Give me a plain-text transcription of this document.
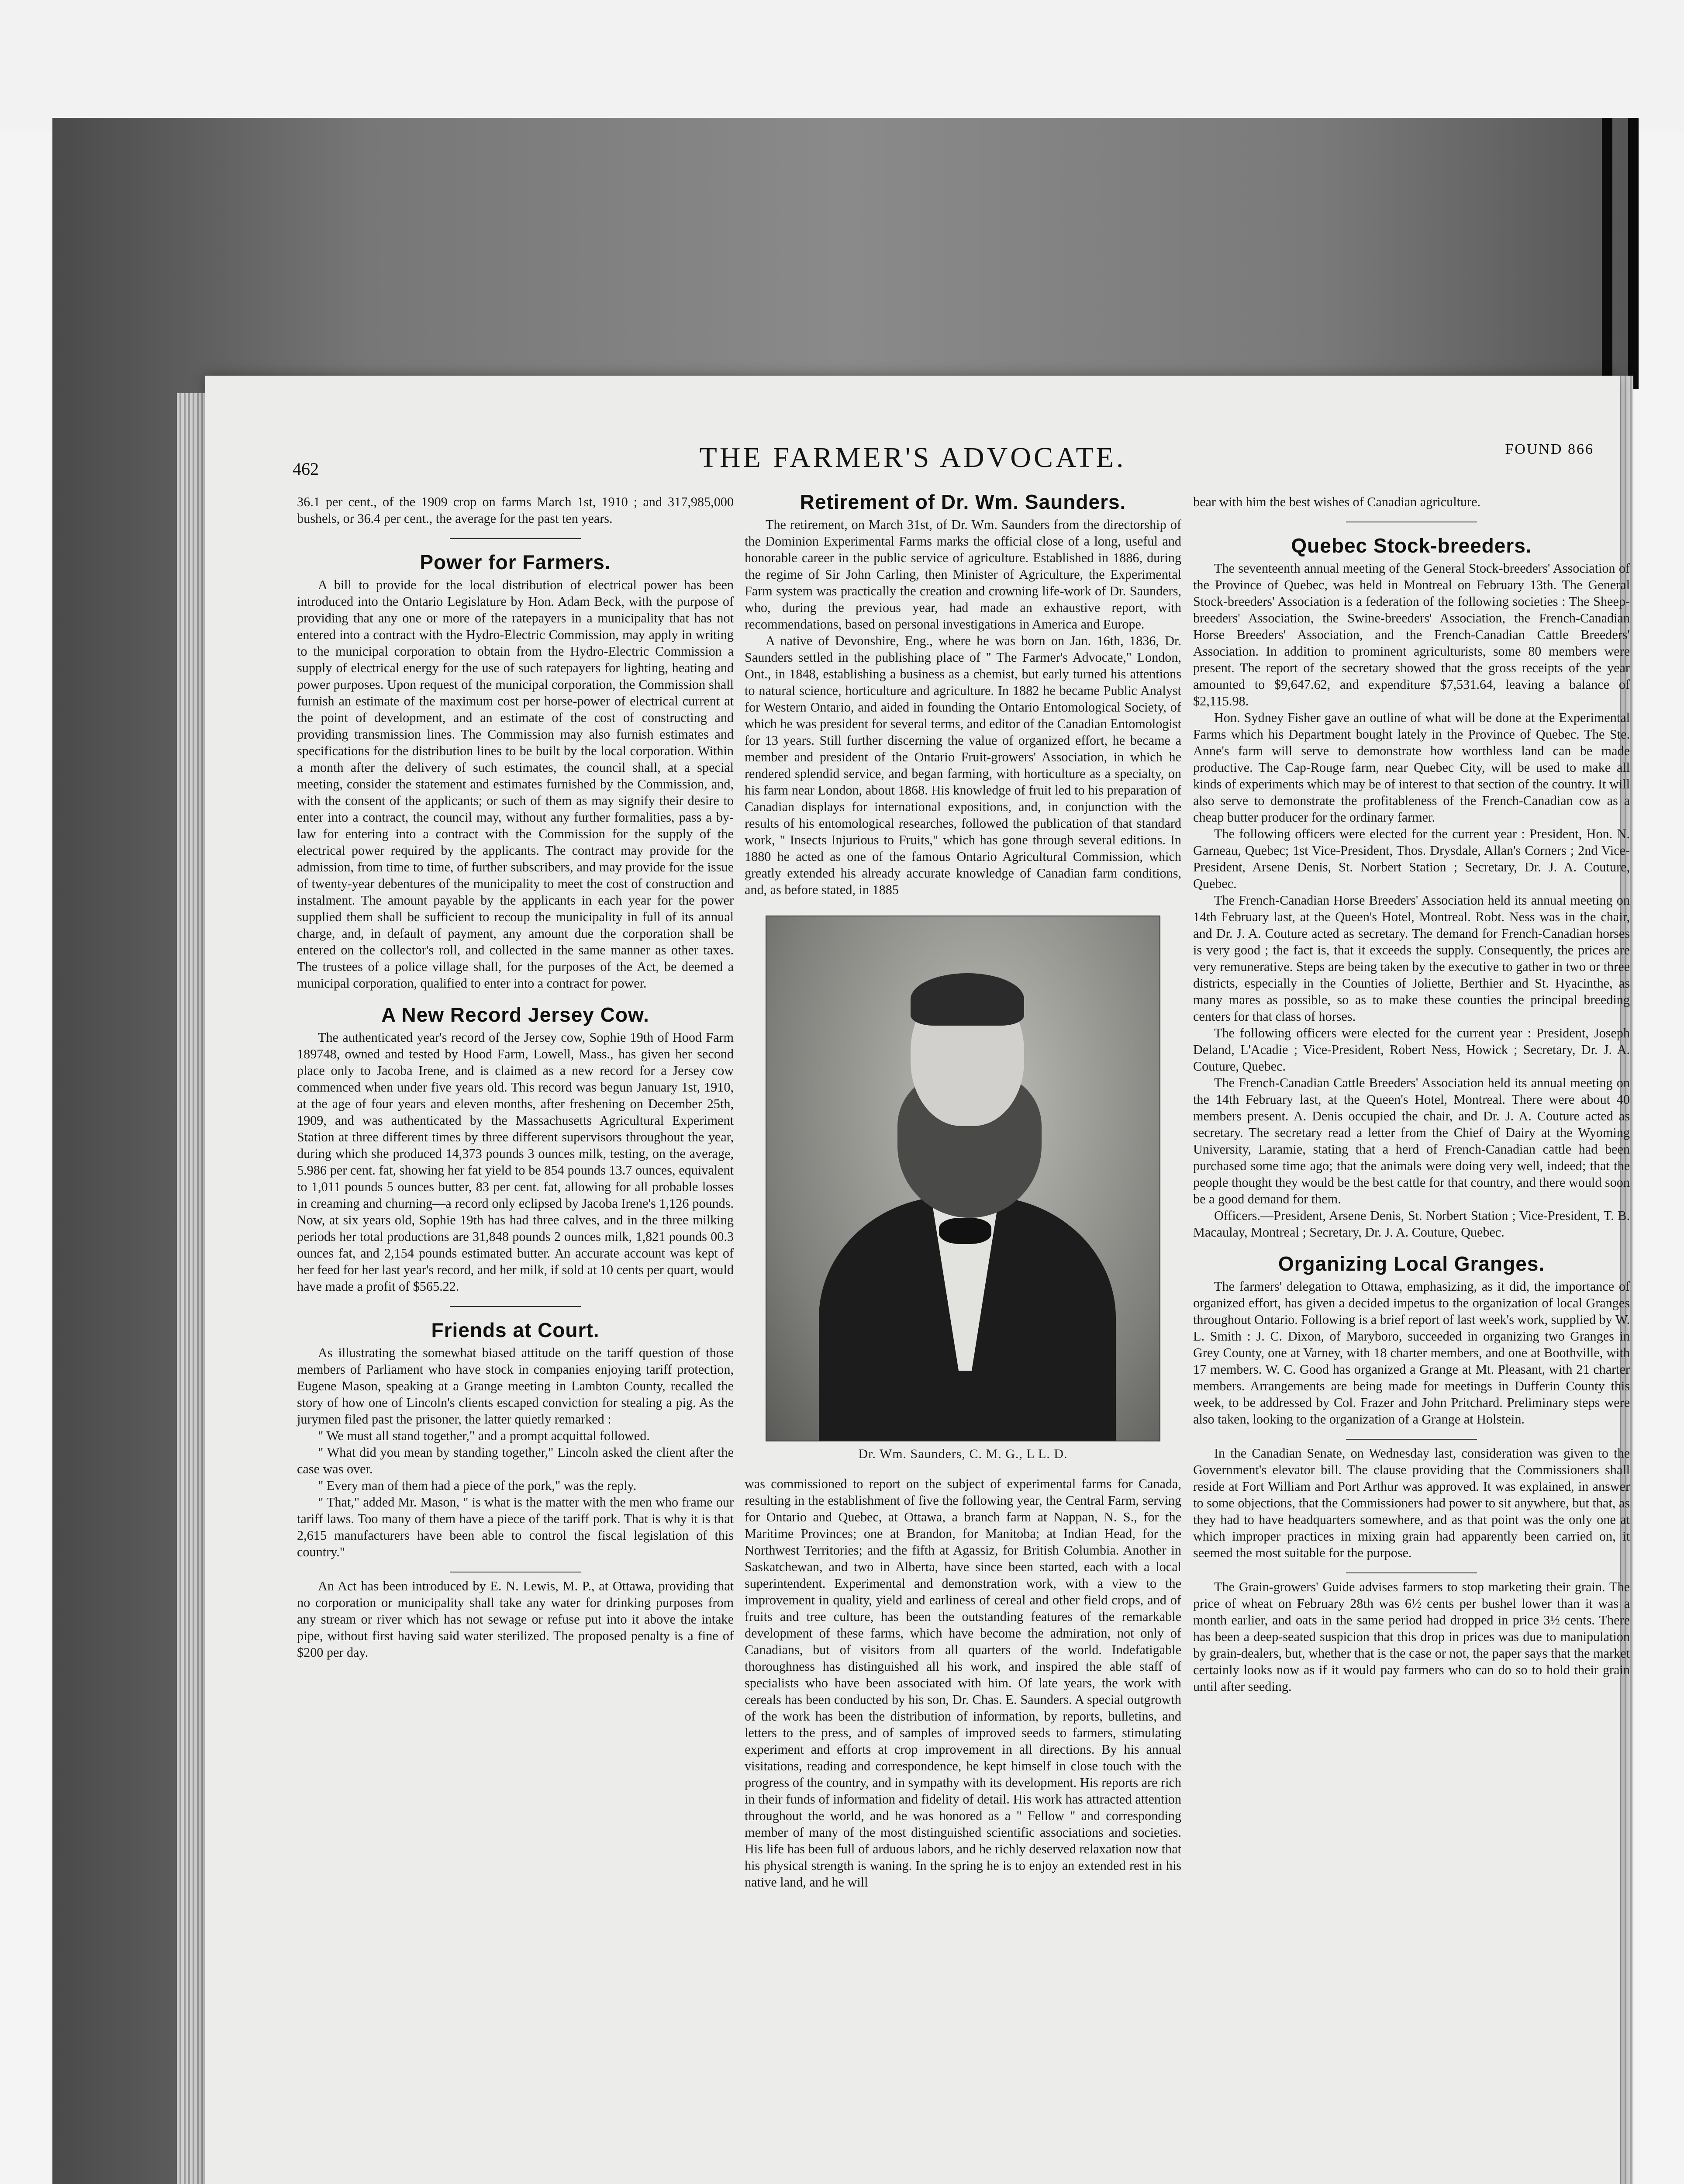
462	THE FARMER'S ADVOCATE.	FOUND 866

36.1 per cent., of the 1909 crop on farms March 1st, 1910 ; and 317,985,000 bushels, or 36.4 per cent., the average for the past ten years.

Power for Farmers.

A bill to provide for the local distribution of electrical power has been introduced into the Ontario Legislature by Hon. Adam Beck, with the purpose of providing that any one or more of the ratepayers in a municipality that has not entered into a contract with the Hydro-Electric Commission, may apply in writing to the municipal corporation to obtain from the Hydro-Electric Commission a supply of electrical energy for the use of such ratepayers for lighting, heating and power purposes. Upon request of the municipal corporation, the Commission shall furnish an estimate of the maximum cost per horse-power of electrical current at the point of development, and an estimate of the cost of constructing and providing transmission lines. The Commission may also furnish estimates and specifications for the distribution lines to be built by the local corporation. Within a month after the delivery of such estimates, the council shall, at a special meeting, consider the statement and estimates furnished by the Commission, and, with the consent of the applicants; or such of them as may signify their desire to enter into a contract, the council may, without any further formalities, pass a by-law for entering into a contract with the Commission for the supply of the electrical power required by the applicants. The contract may provide for the admission, from time to time, of further subscribers, and may provide for the issue of twenty-year debentures of the municipality to meet the cost of construction and instalment. The amount payable by the applicants in each year for the power supplied them shall be sufficient to recoup the municipality in full of its annual charge, and, in default of payment, any amount due the corporation shall be entered on the collector's roll, and collected in the same manner as other taxes. The trustees of a police village shall, for the purposes of the Act, be deemed a municipal corporation, qualified to enter into a contract for power.

A New Record Jersey Cow.

The authenticated year's record of the Jersey cow, Sophie 19th of Hood Farm 189748, owned and tested by Hood Farm, Lowell, Mass., has given her second place only to Jacoba Irene, and is claimed as a new record for a Jersey cow commenced when under five years old. This record was begun January 1st, 1910, at the age of four years and eleven months, after freshening on December 25th, 1909, and was authenticated by the Massachusetts Agricultural Experiment Station at three different times by three different supervisors throughout the year, during which she produced 14,373 pounds 3 ounces milk, testing, on the average, 5.986 per cent. fat, showing her fat yield to be 854 pounds 13.7 ounces, equivalent to 1,011 pounds 5 ounces butter, 83 per cent. fat, allowing for all probable losses in creaming and churning—a record only eclipsed by Jacoba Irene's 1,126 pounds. Now, at six years old, Sophie 19th has had three calves, and in the three milking periods her total productions are 31,848 pounds 2 ounces milk, 1,821 pounds 00.3 ounces fat, and 2,154 pounds estimated butter. An accurate account was kept of her feed for her last year's record, and her milk, if sold at 10 cents per quart, would have made a profit of $565.22.

Friends at Court.

As illustrating the somewhat biased attitude on the tariff question of those members of Parliament who have stock in companies enjoying tariff protection, Eugene Mason, speaking at a Grange meeting in Lambton County, recalled the story of how one of Lincoln's clients escaped conviction for stealing a pig. As the jurymen filed past the prisoner, the latter quietly remarked :

" We must all stand together," and a prompt acquittal followed.

" What did you mean by standing together," Lincoln asked the client after the case was over.

" Every man of them had a piece of the pork," was the reply.

" That," added Mr. Mason, " is what is the matter with the men who frame our tariff laws. Too many of them have a piece of the tariff pork. That is why it is that 2,615 manufacturers have been able to control the fiscal legislation of this country."

An Act has been introduced by E. N. Lewis, M. P., at Ottawa, providing that no corporation or municipality shall take any water for drinking purposes from any stream or river which has not sewage or refuse put into it above the intake pipe, without first having said water sterilized. The proposed penalty is a fine of $200 per day.

Retirement of Dr. Wm. Saunders.

The retirement, on March 31st, of Dr. Wm. Saunders from the directorship of the Dominion Experimental Farms marks the official close of a long, useful and honorable career in the public service of agriculture. Established in 1886, during the regime of Sir John Carling, then Minister of Agriculture, the Experimental Farm system was practically the creation and crowning life-work of Dr. Saunders, who, during the previous year, had made an exhaustive report, with recommendations, based on personal investigations in America and Europe.

A native of Devonshire, Eng., where he was born on Jan. 16th, 1836, Dr. Saunders settled in the publishing place of " The Farmer's Advocate," London, Ont., in 1848, establishing a business as a chemist, but early turned his attentions to natural science, horticulture and agriculture. In 1882 he became Public Analyst for Western Ontario, and aided in founding the Ontario Entomological Society, of which he was president for several terms, and editor of the Canadian Entomologist for 13 years. Still further discerning the value of organized effort, he became a member and president of the Ontario Fruit-growers' Association, in which he rendered splendid service, and began farming, with horticulture as a specialty, on his farm near London, about 1868. His knowledge of fruit led to his preparation of Canadian displays for international expositions, and, in conjunction with the results of his entomological researches, followed the publication of that standard work, " Insects Injurious to Fruits," which has gone through several editions. In 1880 he acted as one of the famous Ontario Agricultural Commission, which greatly extended his already accurate knowledge of Canadian farm conditions, and, as before stated, in 1885

Dr. Wm. Saunders, C. M. G., L L. D.

was commissioned to report on the subject of experimental farms for Canada, resulting in the establishment of five the following year, the Central Farm, serving for Ontario and Quebec, at Ottawa, a branch farm at Nappan, N. S., for the Maritime Provinces; one at Brandon, for Manitoba; at Indian Head, for the Northwest Territories; and the fifth at Agassiz, for British Columbia. Another in Saskatchewan, and two in Alberta, have since been started, each with a local superintendent. Experimental and demonstration work, with a view to the improvement in quality, yield and earliness of cereal and other field crops, and of fruits and tree culture, has been the outstanding features of the remarkable development of these farms, which have become the admiration, not only of Canadians, but of visitors from all quarters of the world. Indefatigable thoroughness has distinguished all his work, and inspired the able staff of specialists who have been associated with him. Of late years, the work with cereals has been conducted by his son, Dr. Chas. E. Saunders. A special outgrowth of the work has been the distribution of information, by reports, bulletins, and letters to the press, and of samples of improved seeds to farmers, stimulating experiment and efforts at crop improvement in all directions. By his annual visitations, reading and correspondence, he kept himself in close touch with the progress of the country, and in sympathy with its development. His reports are rich in their funds of information and fidelity of detail. His work has attracted attention throughout the world, and he was honored as a " Fellow " and corresponding member of many of the most distinguished scientific associations and societies. His life has been full of arduous labors, and he richly deserved relaxation now that his physical strength is waning. In the spring he is to enjoy an extended rest in his native land, and he will

bear with him the best wishes of Canadian agriculture.

Quebec Stock-breeders.

The seventeenth annual meeting of the General Stock-breeders' Association of the Province of Quebec, was held in Montreal on February 13th. The General Stock-breeders' Association is a federation of the following societies : The Sheep-breeders' Association, the Swine-breeders' Association, the French-Canadian Horse Breeders' Association, and the French-Canadian Cattle Breeders' Association. In addition to prominent agriculturists, some 80 members were present. The report of the secretary showed that the gross receipts of the year amounted to $9,647.62, and expenditure $7,531.64, leaving a balance of $2,115.98.

Hon. Sydney Fisher gave an outline of what will be done at the Experimental Farms which his Department bought lately in the Province of Quebec. The Ste. Anne's farm will serve to demonstrate how worthless land can be made productive. The Cap-Rouge farm, near Quebec City, will be used to make all kinds of experiments which may be of interest to that section of the country. It will also serve to demonstrate the profitableness of the French-Canadian cow as a cheap butter producer for the ordinary farmer.

The following officers were elected for the current year : President, Hon. N. Garneau, Quebec; 1st Vice-President, Thos. Drysdale, Allan's Corners ; 2nd Vice-President, Arsene Denis, St. Norbert Station ; Secretary, Dr. J. A. Couture, Quebec.

The French-Canadian Horse Breeders' Association held its annual meeting on 14th February last, at the Queen's Hotel, Montreal. Robt. Ness was in the chair, and Dr. J. A. Couture acted as secretary. The demand for French-Canadian horses is very good ; the fact is, that it exceeds the supply. Consequently, the prices are very remunerative. Steps are being taken by the executive to gather in two or three districts, especially in the Counties of Joliette, Berthier and St. Hyacinthe, as many mares as possible, so as to make these counties the principal breeding centers for that class of horses.

The following officers were elected for the current year : President, Joseph Deland, L'Acadie ; Vice-President, Robert Ness, Howick ; Secretary, Dr. J. A. Couture, Quebec.

The French-Canadian Cattle Breeders' Association held its annual meeting on the 14th February last, at the Queen's Hotel, Montreal. There were about 40 members present. A. Denis occupied the chair, and Dr. J. A. Couture acted as secretary. The secretary read a letter from the Chief of Dairy at the Wyoming University, Laramie, stating that a herd of French-Canadian cattle had been purchased some time ago; that the animals were doing very well, indeed; that the people thought they would be the best cattle for that country, and there would soon be a good demand for them.

Officers.—President, Arsene Denis, St. Norbert Station ; Vice-President, T. B. Macaulay, Montreal ; Secretary, Dr. J. A. Couture, Quebec.

Organizing Local Granges.

The farmers' delegation to Ottawa, emphasizing, as it did, the importance of organized effort, has given a decided impetus to the organization of local Granges throughout Ontario. Following is a brief report of last week's work, supplied by W. L. Smith : J. C. Dixon, of Maryboro, succeeded in organizing two Granges in Grey County, one at Varney, with 18 charter members, and one at Boothville, with 17 members. W. C. Good has organized a Grange at Mt. Pleasant, with 21 charter members. Arrangements are being made for meetings in Dufferin County this week, to be addressed by Col. Frazer and John Pritchard. Preliminary steps were also taken, looking to the organization of a Grange at Holstein.

In the Canadian Senate, on Wednesday last, consideration was given to the Government's elevator bill. The clause providing that the Commissioners shall reside at Fort William and Port Arthur was approved. It was explained, in answer to some objections, that the Commissioners had power to sit anywhere, but that, as they had to have headquarters somewhere, and as that point was the only one at which improper practices in mixing grain had apparently been carried on, it seemed the most suitable for the purpose.

The Grain-growers' Guide advises farmers to stop marketing their grain. The price of wheat on February 28th was 6½ cents per bushel lower than it was a month earlier, and oats in the same period had dropped in price 3½ cents. There has been a deep-seated suspicion that this drop in prices was due to manipulation by grain-dealers, but, whether that is the case or not, the paper says that the market certainly looks now as if it would pay farmers who can do so to hold their grain until after seeding.
